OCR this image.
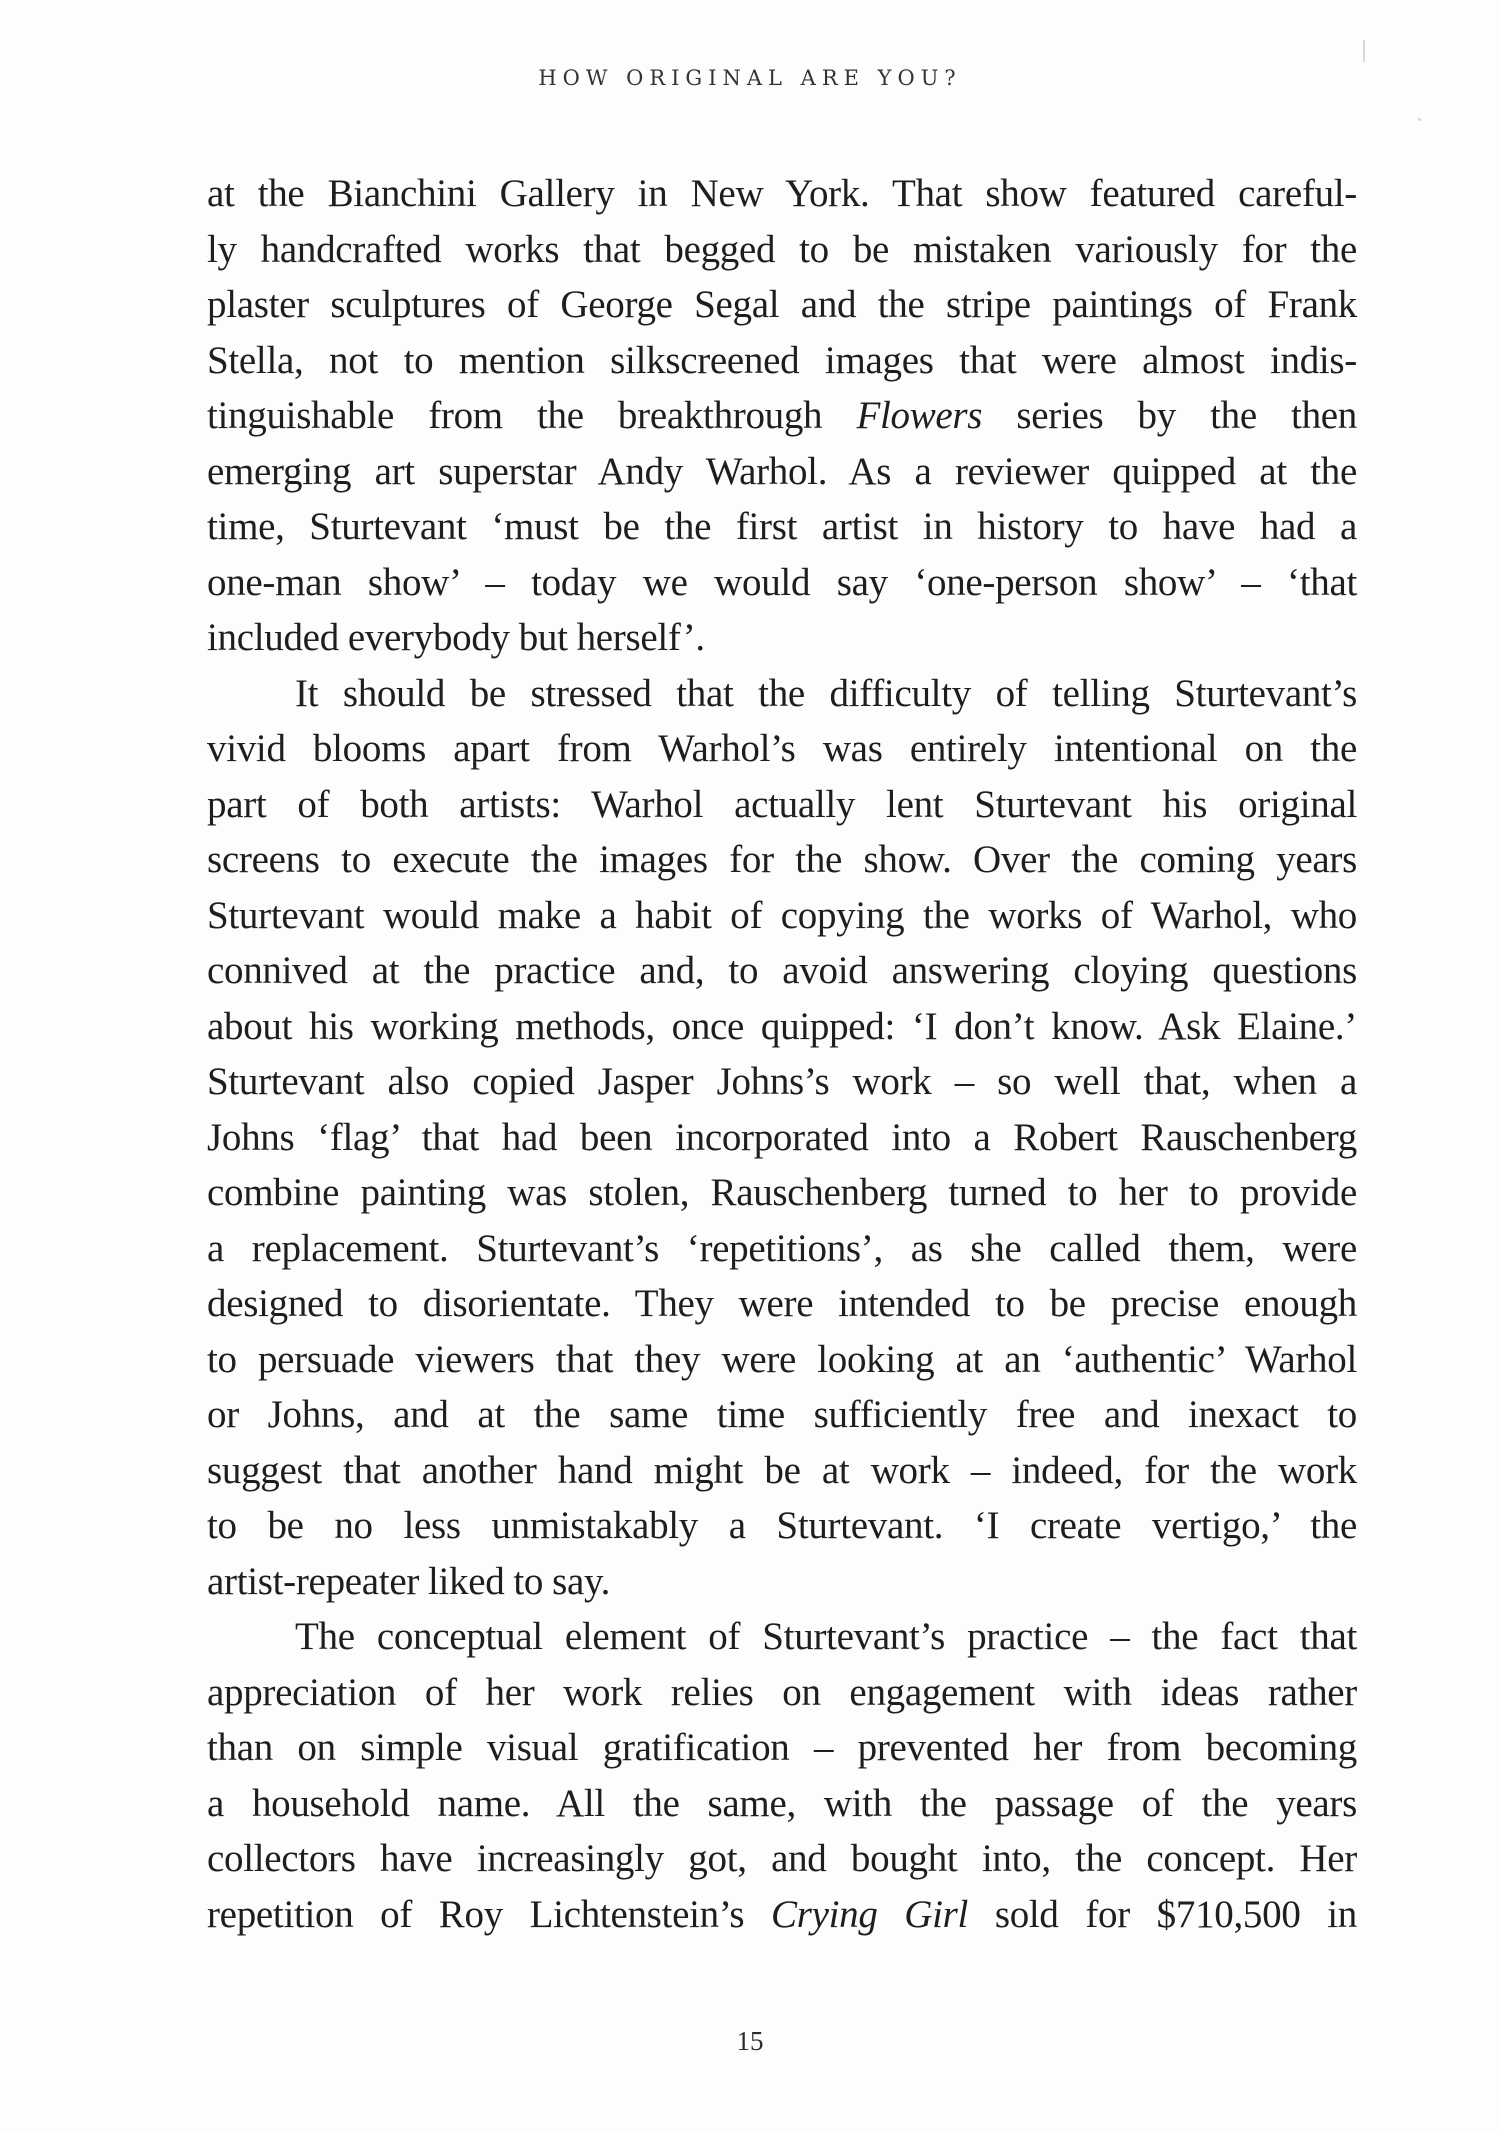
HOW ORIGINAL ARE YOU?
at the Bianchini Gallery in New York. That show featured careful-
ly handcrafted works that begged to be mistaken variously for the
plaster sculptures of George Segal and the stripe paintings of Frank
Stella, not to mention silkscreened images that were almost indis-
tinguishable from the breakthrough Flowers series by the then
emerging art superstar Andy Warhol. As a reviewer quipped at the
time, Sturtevant ‘must be the first artist in history to have had a
one-man show’ – today we would say ‘one-person show’ – ‘that
included everybody but herself’.
It should be stressed that the difficulty of telling Sturtevant’s
vivid blooms apart from Warhol’s was entirely intentional on the
part of both artists: Warhol actually lent Sturtevant his original
screens to execute the images for the show. Over the coming years
Sturtevant would make a habit of copying the works of Warhol, who
connived at the practice and, to avoid answering cloying questions
about his working methods, once quipped: ‘I don’t know. Ask Elaine.’
Sturtevant also copied Jasper Johns’s work – so well that, when a
Johns ‘flag’ that had been incorporated into a Robert Rauschenberg
combine painting was stolen, Rauschenberg turned to her to provide
a replacement. Sturtevant’s ‘repetitions’, as she called them, were
designed to disorientate. They were intended to be precise enough
to persuade viewers that they were looking at an ‘authentic’ Warhol
or Johns, and at the same time sufficiently free and inexact to
suggest that another hand might be at work – indeed, for the work
to be no less unmistakably a Sturtevant. ‘I create vertigo,’ the
artist-repeater liked to say.
The conceptual element of Sturtevant’s practice – the fact that
appreciation of her work relies on engagement with ideas rather
than on simple visual gratification – prevented her from becoming
a household name. All the same, with the passage of the years
collectors have increasingly got, and bought into, the concept. Her
repetition of Roy Lichtenstein’s Crying Girl sold for $710,500 in
15
